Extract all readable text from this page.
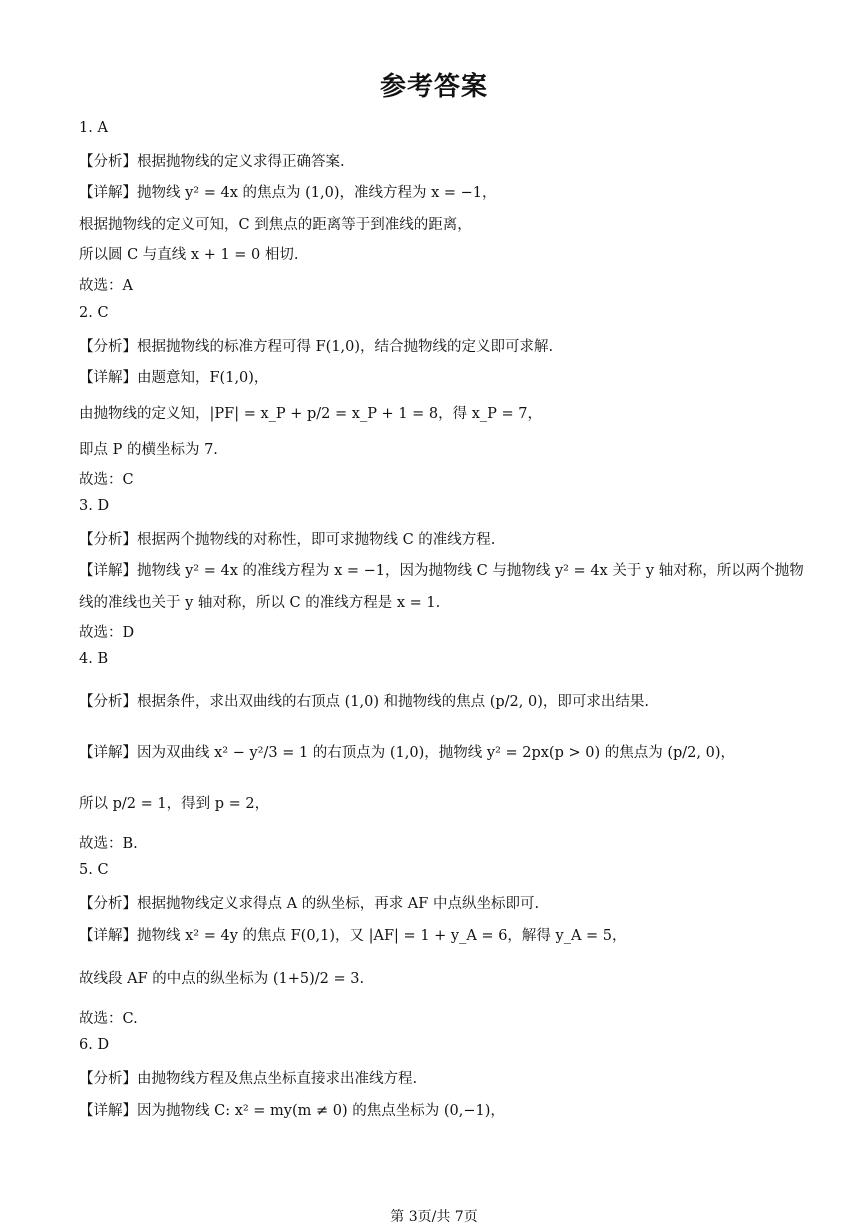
参考答案
1. A
【分析】根据抛物线的定义求得正确答案.
【详解】抛物线 y² = 4x 的焦点为 (1,0)，准线方程为 x = −1，
根据抛物线的定义可知，C 到焦点的距离等于到准线的距离，
所以圆 C 与直线 x + 1 = 0 相切.
故选：A
2. C
【分析】根据抛物线的标准方程可得 F(1,0)，结合抛物线的定义即可求解.
【详解】由题意知，F(1,0)，
由抛物线的定义知，|PF| = x_P + p/2 = x_P + 1 = 8，得 x_P = 7，
即点 P 的横坐标为 7.
故选：C
3. D
【分析】根据两个抛物线的对称性，即可求抛物线 C 的准线方程.
【详解】抛物线 y² = 4x 的准线方程为 x = −1，因为抛物线 C 与抛物线 y² = 4x 关于 y 轴对称，所以两个抛物
线的准线也关于 y 轴对称，所以 C 的准线方程是 x = 1.
故选：D
4. B
【分析】根据条件，求出双曲线的右顶点 (1,0) 和抛物线的焦点 (p/2, 0)，即可求出结果.
【详解】因为双曲线 x² − y²/3 = 1 的右顶点为 (1,0)，抛物线 y² = 2px(p > 0) 的焦点为 (p/2, 0)，
所以 p/2 = 1，得到 p = 2，
故选：B.
5. C
【分析】根据抛物线定义求得点 A 的纵坐标，再求 AF 中点纵坐标即可.
【详解】抛物线 x² = 4y 的焦点 F(0,1)，又 |AF| = 1 + y_A = 6，解得 y_A = 5，
故线段 AF 的中点的纵坐标为 (1+5)/2 = 3.
故选：C.
6. D
【分析】由抛物线方程及焦点坐标直接求出准线方程.
【详解】因为抛物线 C: x² = my(m ≠ 0) 的焦点坐标为 (0,−1)，
第 3页/共 7页
